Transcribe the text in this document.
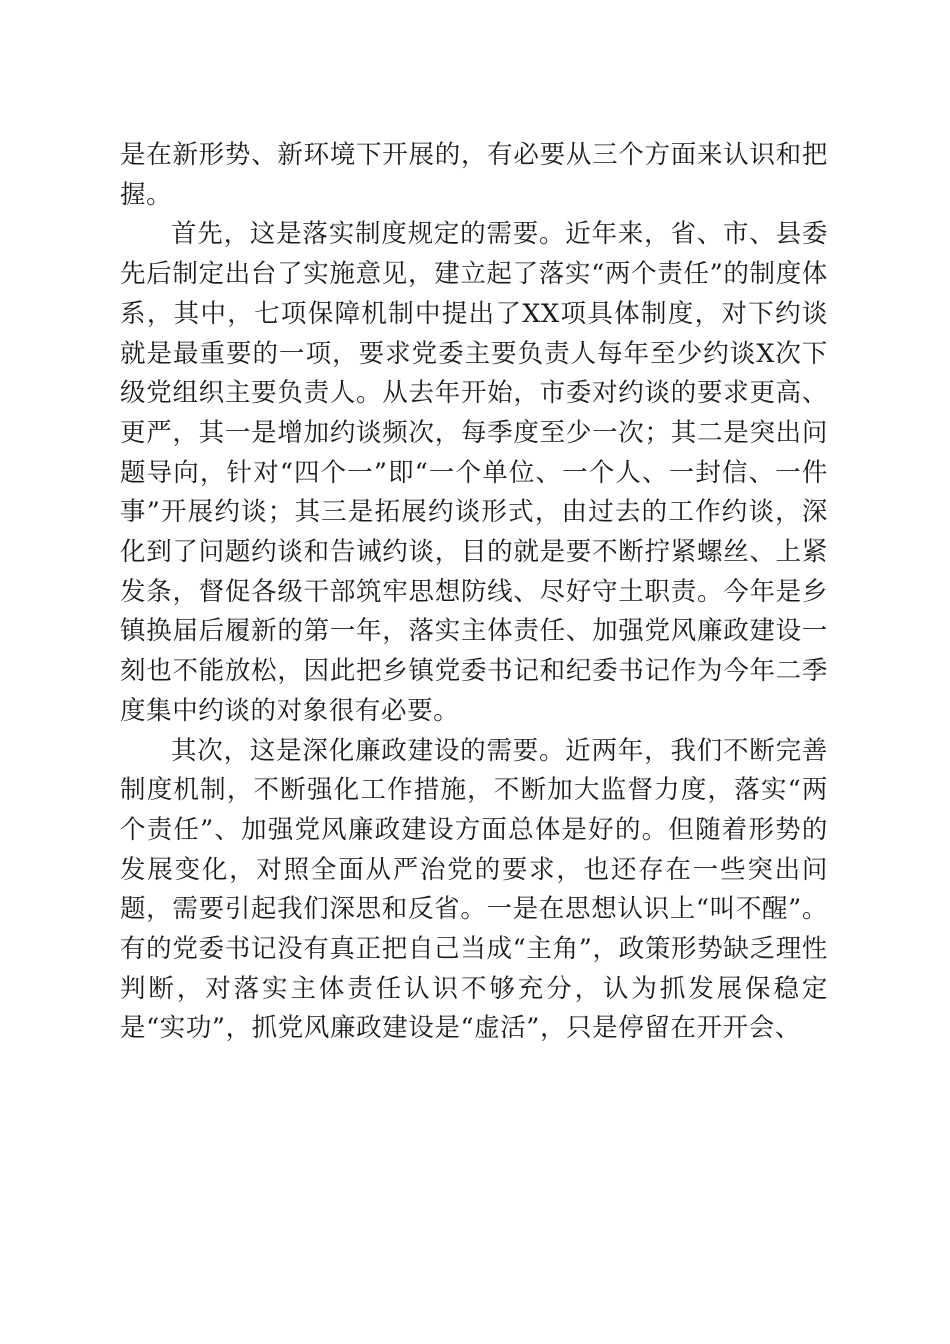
是在新形势、新环境下开展的，有必要从三个方面来认识和把握。

首先，这是落实制度规定的需要。近年来，省、市、县委先后制定出台了实施意见，建立起了落实“两个责任”的制度体系，其中，七项保障机制中提出了XX项具体制度，对下约谈就是最重要的一项，要求党委主要负责人每年至少约谈X次下级党组织主要负责人。从去年开始，市委对约谈的要求更高、更严，其一是增加约谈频次，每季度至少一次；其二是突出问题导向，针对“四个一”即“一个单位、一个人、一封信、一件事”开展约谈；其三是拓展约谈形式，由过去的工作约谈，深化到了问题约谈和告诫约谈，目的就是要不断拧紧螺丝、上紧发条，督促各级干部筑牢思想防线、尽好守土职责。今年是乡镇换届后履新的第一年，落实主体责任、加强党风廉政建设一刻也不能放松，因此把乡镇党委书记和纪委书记作为今年二季度集中约谈的对象很有必要。

其次，这是深化廉政建设的需要。近两年，我们不断完善制度机制，不断强化工作措施，不断加大监督力度，落实“两个责任”、加强党风廉政建设方面总体是好的。但随着形势的发展变化，对照全面从严治党的要求，也还存在一些突出问题，需要引起我们深思和反省。一是在思想认识上“叫不醒”。有的党委书记没有真正把自己当成“主角”，政策形势缺乏理性判断，对落实主体责任认识不够充分，认为抓发展保稳定是“实功”，抓党风廉政建设是“虚活”，只是停留在开开会、
